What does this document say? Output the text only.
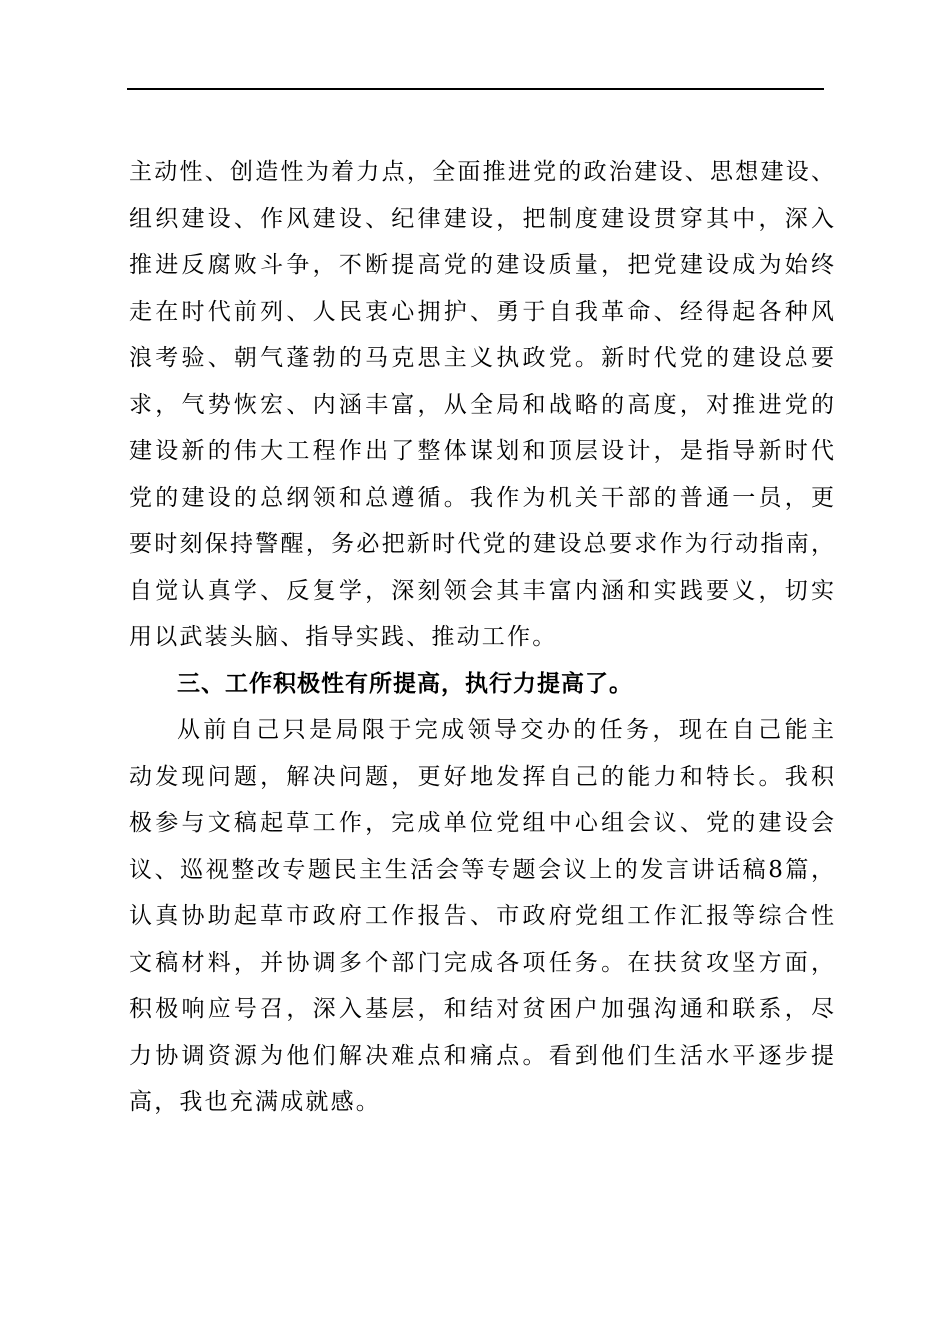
主动性、创造性为着力点，全面推进党的政治建设、思想建设、
组织建设、作风建设、纪律建设，把制度建设贯穿其中，深入
推进反腐败斗争，不断提高党的建设质量，把党建设成为始终
走在时代前列、人民衷心拥护、勇于自我革命、经得起各种风
浪考验、朝气蓬勃的马克思主义执政党。新时代党的建设总要
求，气势恢宏、内涵丰富，从全局和战略的高度，对推进党的
建设新的伟大工程作出了整体谋划和顶层设计，是指导新时代
党的建设的总纲领和总遵循。我作为机关干部的普通一员，更
要时刻保持警醒，务必把新时代党的建设总要求作为行动指南，
自觉认真学、反复学，深刻领会其丰富内涵和实践要义，切实
用以武装头脑、指导实践、推动工作。
三、工作积极性有所提高，执行力提高了。
从前自己只是局限于完成领导交办的任务，现在自己能主
动发现问题，解决问题，更好地发挥自己的能力和特长。我积
极参与文稿起草工作，完成单位党组中心组会议、党的建设会
议、巡视整改专题民主生活会等专题会议上的发言讲话稿8篇，
认真协助起草市政府工作报告、市政府党组工作汇报等综合性
文稿材料，并协调多个部门完成各项任务。在扶贫攻坚方面，
积极响应号召，深入基层，和结对贫困户加强沟通和联系，尽
力协调资源为他们解决难点和痛点。看到他们生活水平逐步提
高，我也充满成就感。
